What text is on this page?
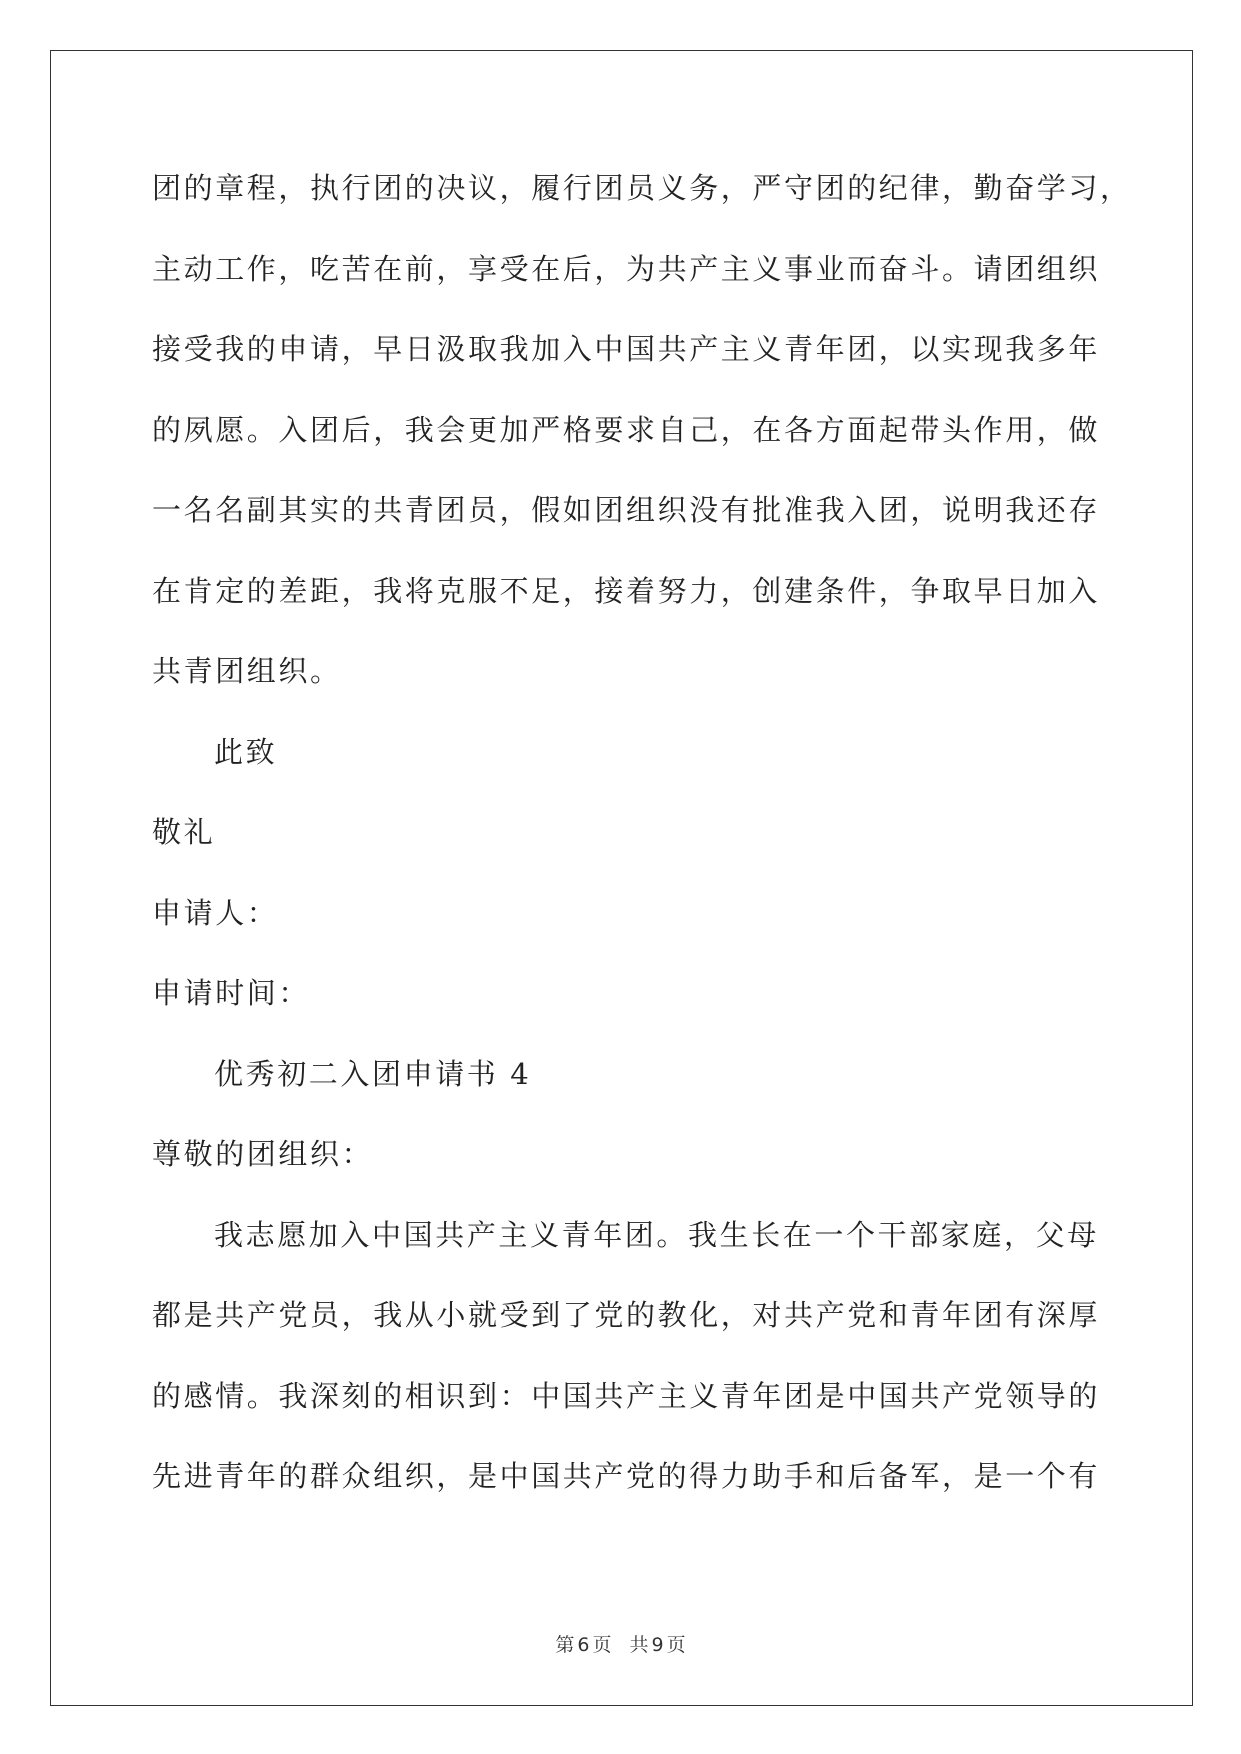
团的章程，执行团的决议，履行团员义务，严守团的纪律，勤奋学习，
主动工作，吃苦在前，享受在后，为共产主义事业而奋斗。请团组织
接受我的申请，早日汲取我加入中国共产主义青年团，以实现我多年
的夙愿。入团后，我会更加严格要求自己，在各方面起带头作用，做
一名名副其实的共青团员，假如团组织没有批准我入团，说明我还存
在肯定的差距，我将克服不足，接着努力，创建条件，争取早日加入
共青团组织。
此致
敬礼
申请人：
申请时间：
优秀初二入团申请书 4
尊敬的团组织：
我志愿加入中国共产主义青年团。我生长在一个干部家庭，父母
都是共产党员，我从小就受到了党的教化，对共产党和青年团有深厚
的感情。我深刻的相识到：中国共产主义青年团是中国共产党领导的
先进青年的群众组织，是中国共产党的得力助手和后备军，是一个有
第 6 页 共 9 页
